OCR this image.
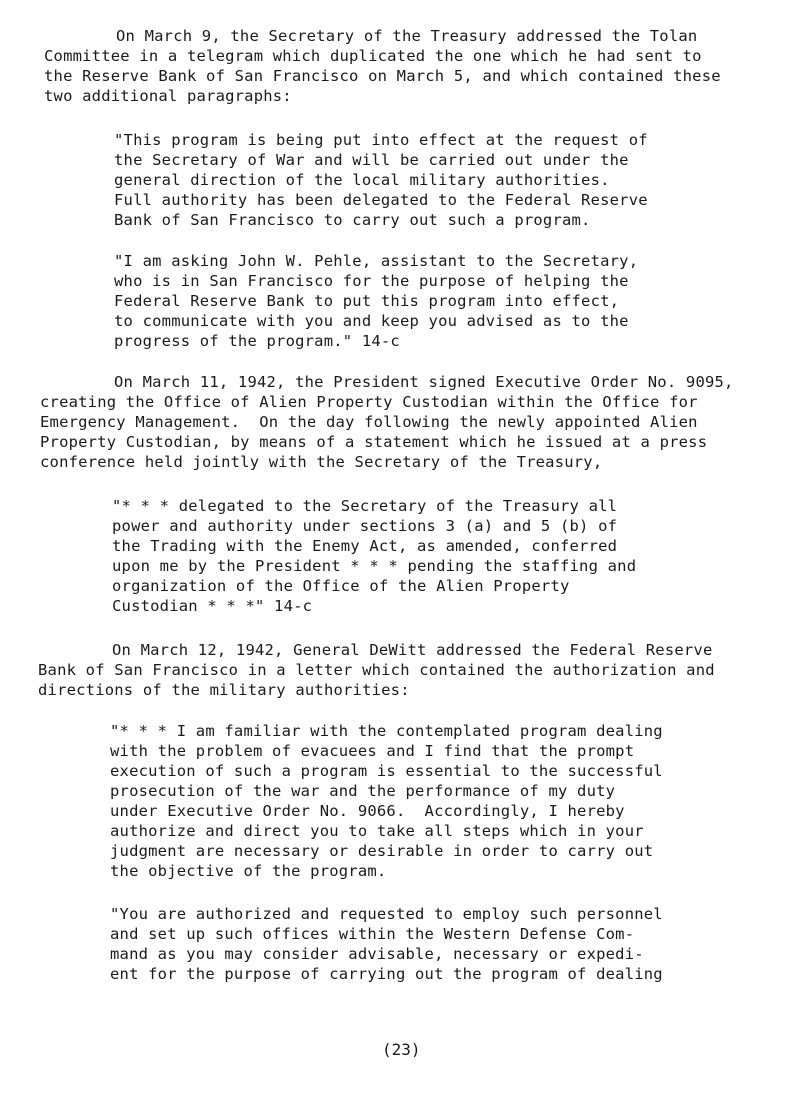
On March 9, the Secretary of the Treasury addressed the Tolan
Committee in a telegram which duplicated the one which he had sent to
the Reserve Bank of San Francisco on March 5, and which contained these
two additional paragraphs:
"This program is being put into effect at the request of
the Secretary of War and will be carried out under the
general direction of the local military authorities.
Full authority has been delegated to the Federal Reserve
Bank of San Francisco to carry out such a program.
"I am asking John W. Pehle, assistant to the Secretary,
who is in San Francisco for the purpose of helping the
Federal Reserve Bank to put this program into effect,
to communicate with you and keep you advised as to the
progress of the program." 14-c
On March 11, 1942, the President signed Executive Order No. 9095,
creating the Office of Alien Property Custodian within the Office for
Emergency Management.  On the day following the newly appointed Alien
Property Custodian, by means of a statement which he issued at a press
conference held jointly with the Secretary of the Treasury,
"* * * delegated to the Secretary of the Treasury all
power and authority under sections 3 (a) and 5 (b) of
the Trading with the Enemy Act, as amended, conferred
upon me by the President * * * pending the staffing and
organization of the Office of the Alien Property
Custodian * * *" 14-c
On March 12, 1942, General DeWitt addressed the Federal Reserve
Bank of San Francisco in a letter which contained the authorization and
directions of the military authorities:
"* * * I am familiar with the contemplated program dealing
with the problem of evacuees and I find that the prompt
execution of such a program is essential to the successful
prosecution of the war and the performance of my duty
under Executive Order No. 9066.  Accordingly, I hereby
authorize and direct you to take all steps which in your
judgment are necessary or desirable in order to carry out
the objective of the program.
"You are authorized and requested to employ such personnel
and set up such offices within the Western Defense Com-
mand as you may consider advisable, necessary or expedi-
ent for the purpose of carrying out the program of dealing
(23)
